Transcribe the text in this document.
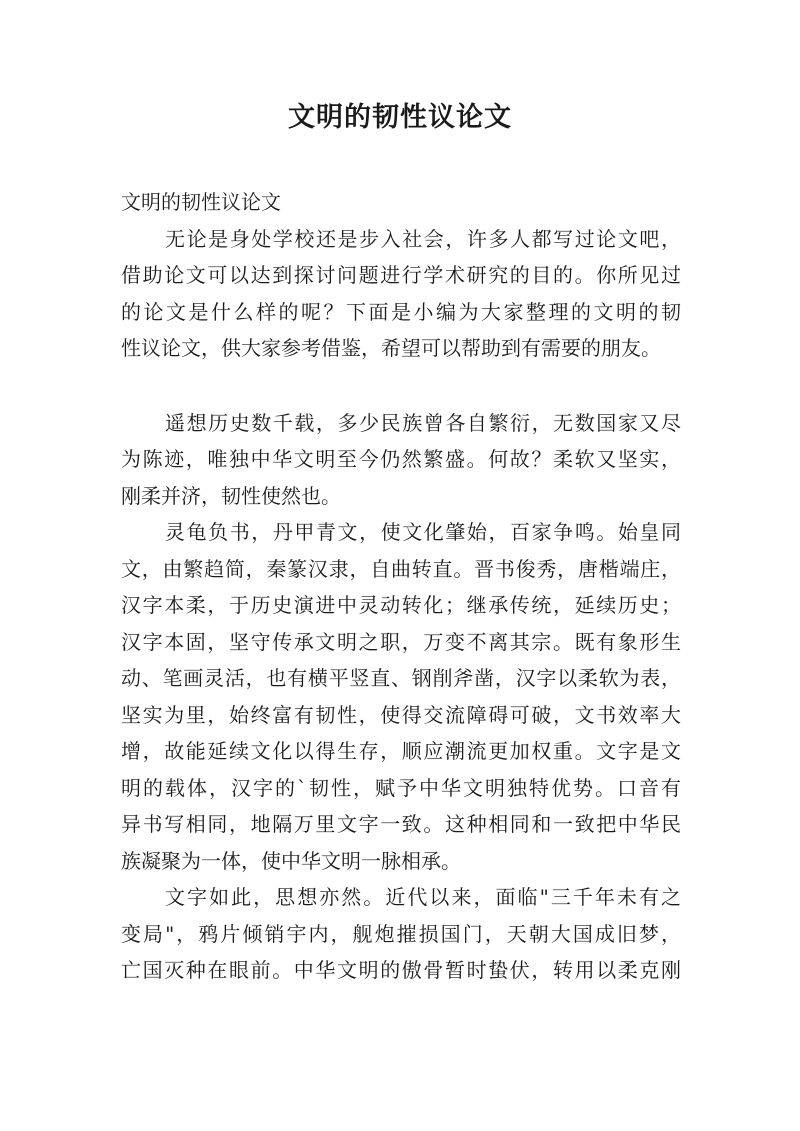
文明的韧性议论文
文明的韧性议论文
无论是身处学校还是步入社会，许多人都写过论文吧，
借助论文可以达到探讨问题进行学术研究的目的。你所见过
的论文是什么样的呢？下面是小编为大家整理的文明的韧
性议论文，供大家参考借鉴，希望可以帮助到有需要的朋友。
遥想历史数千载，多少民族曾各自繁衍，无数国家又尽
为陈迹，唯独中华文明至今仍然繁盛。何故？柔软又坚实，
刚柔并济，韧性使然也。
灵龟负书，丹甲青文，使文化肇始，百家争鸣。始皇同
文，由繁趋简，秦篆汉隶，自曲转直。晋书俊秀，唐楷端庄，
汉字本柔，于历史演进中灵动转化；继承传统，延续历史；
汉字本固，坚守传承文明之职，万变不离其宗。既有象形生
动、笔画灵活，也有横平竖直、钢削斧凿，汉字以柔软为表，
坚实为里，始终富有韧性，使得交流障碍可破，文书效率大
增，故能延续文化以得生存，顺应潮流更加权重。文字是文
明的载体，汉字的`韧性，赋予中华文明独特优势。口音有
异书写相同，地隔万里文字一致。这种相同和一致把中华民
族凝聚为一体，使中华文明一脉相承。
文字如此，思想亦然。近代以来，面临"三千年未有之
变局"，鸦片倾销宇内，舰炮摧损国门，天朝大国成旧梦，
亡国灭种在眼前。中华文明的傲骨暂时蛰伏，转用以柔克刚
